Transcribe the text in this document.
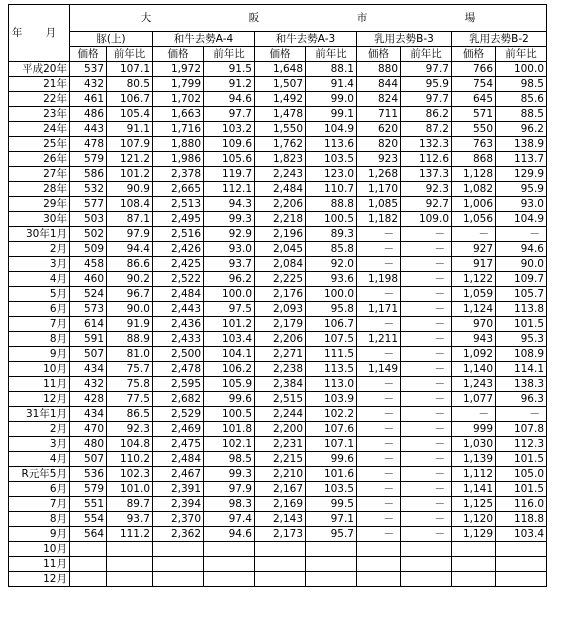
年 月	大 阪 市 場									

	豚(上)		和牛去勢A-4		和牛去勢A-3		乳用去勢B-3		乳用去勢B-2	
	価格	前年比	価格	前年比	価格	前年比	価格	前年比	価格	前年比
平成20年	537	107.1	1,972	91.5	1,648	88.1	880	97.7	766	100.0
21年	432	80.5	1,799	91.2	1,507	91.4	844	95.9	754	98.5
22年	461	106.7	1,702	94.6	1,492	99.0	824	97.7	645	85.6
23年	486	105.4	1,663	97.7	1,478	99.1	711	86.2	571	88.5
24年	443	91.1	1,716	103.2	1,550	104.9	620	87.2	550	96.2
25年	478	107.9	1,880	109.6	1,762	113.6	820	132.3	763	138.9
26年	579	121.2	1,986	105.6	1,823	103.5	923	112.6	868	113.7
27年	586	101.2	2,378	119.7	2,243	123.0	1,268	137.3	1,128	129.9
28年	532	90.9	2,665	112.1	2,484	110.7	1,170	92.3	1,082	95.9
29年	577	108.4	2,513	94.3	2,206	88.8	1,085	92.7	1,006	93.0
30年	503	87.1	2,495	99.3	2,218	100.5	1,182	109.0	1,056	104.9
30年1月	502	97.9	2,516	92.9	2,196	89.3	－	－	－	－
2月	509	94.4	2,426	93.0	2,045	85.8	－	－	927	94.6
3月	458	86.6	2,425	93.7	2,084	92.0	－	－	917	90.0
4月	460	90.2	2,522	96.2	2,225	93.6	1,198	－	1,122	109.7
5月	524	96.7	2,484	100.0	2,176	100.0	－	－	1,059	105.7
6月	573	90.0	2,443	97.5	2,093	95.8	1,171	－	1,124	113.8
7月	614	91.9	2,436	101.2	2,179	106.7	－	－	970	101.5
8月	591	88.9	2,433	103.4	2,206	107.5	1,211	－	943	95.3
9月	507	81.0	2,500	104.1	2,271	111.5	－	－	1,092	108.9
10月	434	75.7	2,478	106.2	2,238	113.5	1,149	－	1,140	114.1
11月	432	75.8	2,595	105.9	2,384	113.0	－	－	1,243	138.3
12月	428	77.5	2,682	99.6	2,515	103.9	－	－	1,077	96.3
31年1月	434	86.5	2,529	100.5	2,244	102.2	－	－	－	－
2月	470	92.3	2,469	101.8	2,200	107.6	－	－	999	107.8
3月	480	104.8	2,475	102.1	2,231	107.1	－	－	1,030	112.3
4月	507	110.2	2,484	98.5	2,215	99.6	－	－	1,139	101.5
R元年5月	536	102.3	2,467	99.3	2,210	101.6	－	－	1,112	105.0
6月	579	101.0	2,391	97.9	2,167	103.5	－	－	1,141	101.5
7月	551	89.7	2,394	98.3	2,169	99.5	－	－	1,125	116.0
8月	554	93.7	2,370	97.4	2,143	97.1	－	－	1,120	118.8
9月	564	111.2	2,362	94.6	2,173	95.7	－	－	1,129	103.4
10月										
11月										
12月										
